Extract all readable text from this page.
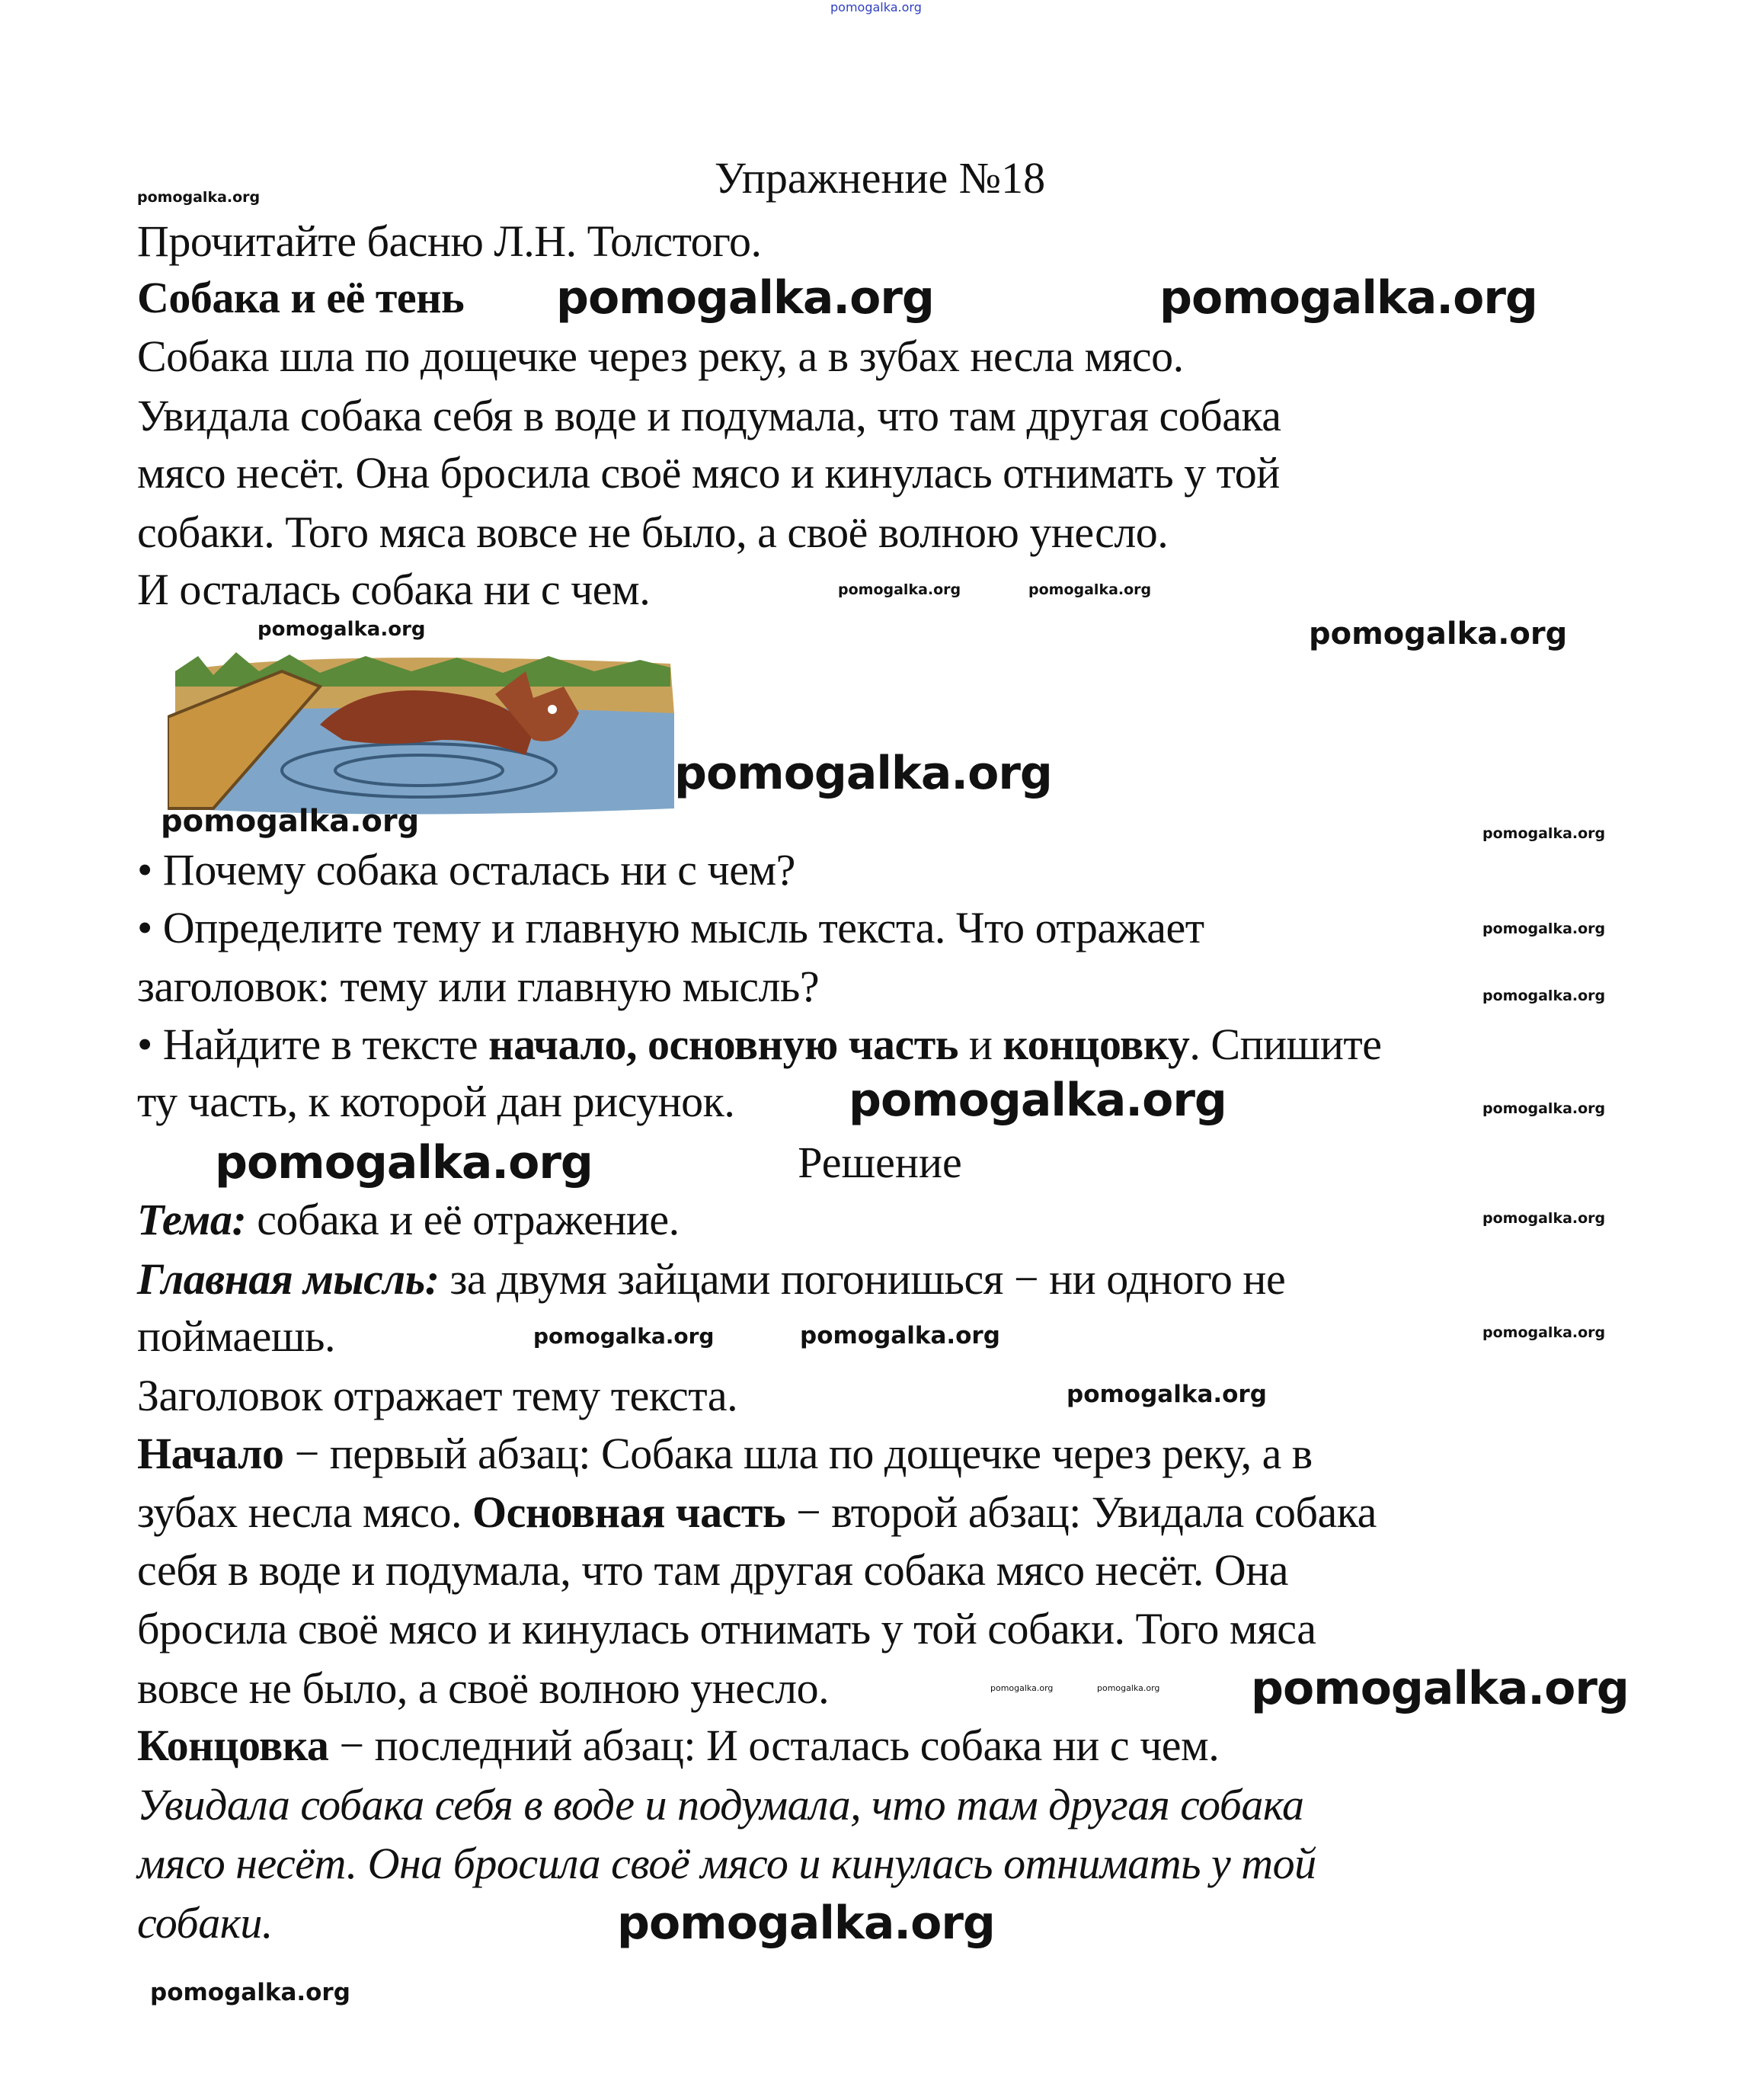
pomogalka.org
Упражнение №18
Прочитайте басню Л.Н. Толстого.
Собака и её тень
Собака шла по дощечке через реку, а в зубах несла мясо.
Увидала собака себя в воде и подумала, что там другая собака
мясо несёт. Она бросила своё мясо и кинулась отнимать у той
собаки. Того мяса вовсе не было, а своё волною унесло.
И осталась собака ни с чем.
• Почему собака осталась ни с чем?
• Определите тему и главную мысль текста. Что отражает
заголовок: тему или главную мысль?
• Найдите в тексте начало, основную часть и концовку. Спишите
ту часть, к которой дан рисунок.
Решение
Тема: собака и её отражение.
Главная мысль: за двумя зайцами погонишься − ни одного не
поймаешь.
Заголовок отражает тему текста.
Начало − первый абзац: Собака шла по дощечке через реку, а в
зубах несла мясо. Основная часть − второй абзац: Увидала собака
себя в воде и подумала, что там другая собака мясо несёт. Она
бросила своё мясо и кинулась отнимать у той собаки. Того мяса
вовсе не было, а своё волною унесло.
Концовка − последний абзац: И осталась собака ни с чем.
Увидала собака себя в воде и подумала, что там другая собака
мясо несёт. Она бросила своё мясо и кинулась отнимать у той
собаки.
pomogalka.org	pomogalka.org
pomogalka.org
pomogalka.org
pomogalka.org
pomogalka.org
pomogalka.org
pomogalka.org
pomogalka.org
pomogalka.org
pomogalka.org
pomogalka.org
pomogalka.org
pomogalka.org
pomogalka.org
pomogalka.org
pomogalka.org
pomogalka.org
pomogalka.org
pomogalka.org
pomogalka.org	pomogalka.org
pomogalka.org	pomogalka.org
pomogalka.org
